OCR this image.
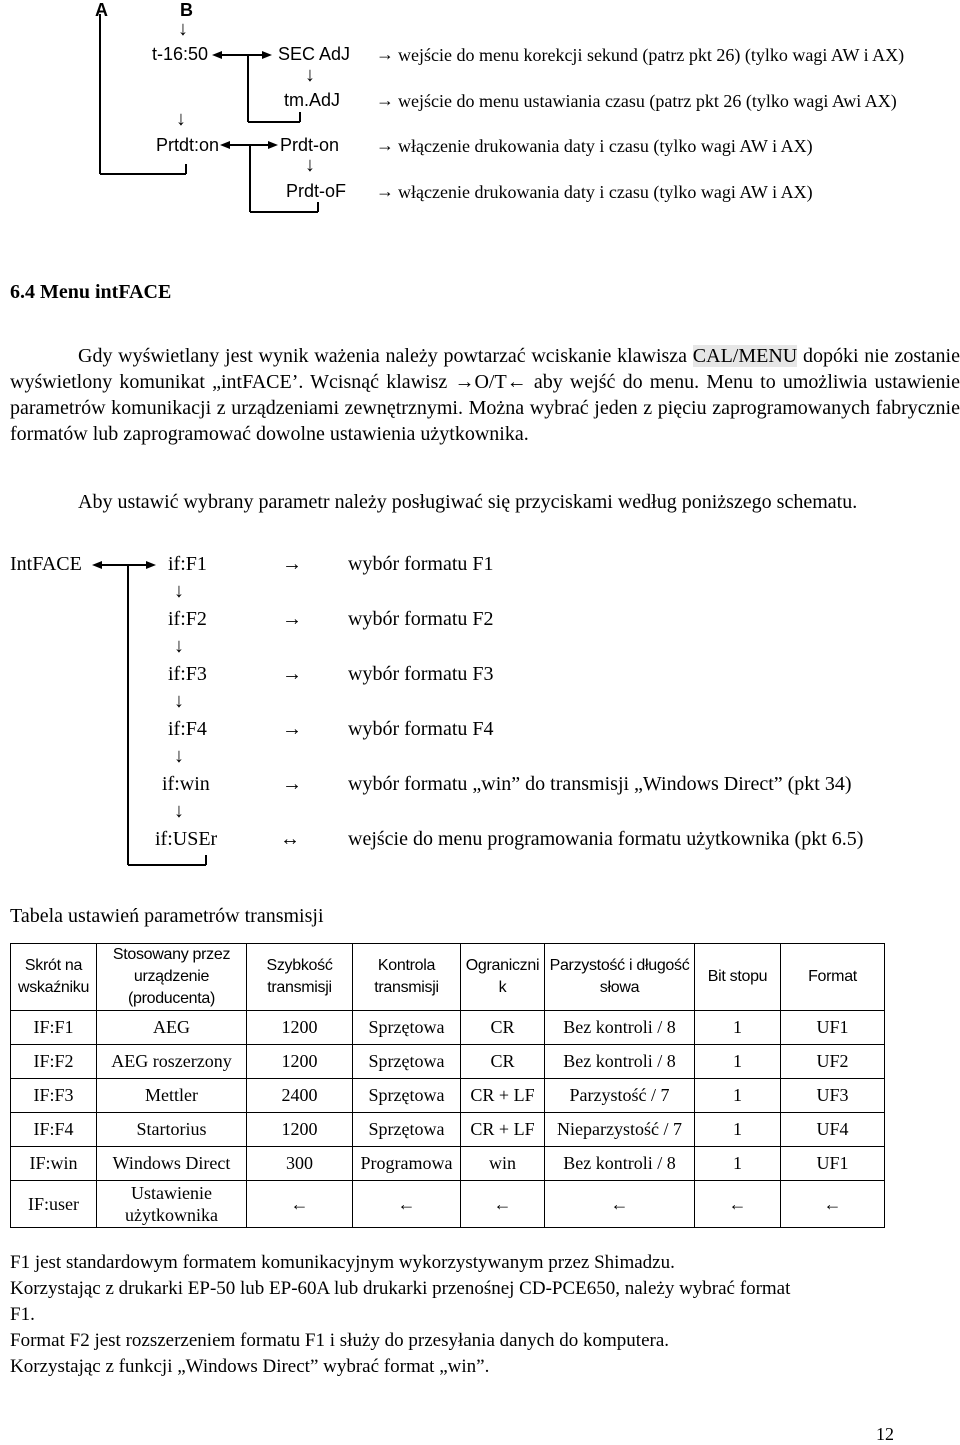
A	B
↓
t-16:50	SEC AdJ → wejście do menu korekcji sekund (patrz pkt 26) (tylko wagi AW i AX)
↓
tm.AdJ → wejście do menu ustawiania czasu (patrz pkt 26 (tylko wagi Awi AX)
↓
Prtdt:on	Prdt-on → włączenie drukowania daty i czasu (tylko wagi AW i AX)
↓
Prdt-oF → włączenie drukowania daty i czasu (tylko wagi AW i AX)
6.4 Menu intFACE
Gdy wyświetlany jest wynik ważenia należy powtarzać wciskanie klawisza CAL/MENU dopóki nie zostanie wyświetlony komunikat „intFACE’. Wcisnąć klawisz →O/T← aby wejść do menu. Menu to umożliwia ustawienie parametrów komunikacji z urządzeniami zewnętrznymi. Można wybrać jeden z pięciu zaprogramowanych fabrycznie formatów lub zaprogramować dowolne ustawienia użytkownika.
Aby ustawić wybrany parametr należy posługiwać się przyciskami według poniższego schematu.
IntFACE	if:F1	→ wybór formatu F1
↓
if:F2	→ wybór formatu F2
↓
if:F3	→ wybór formatu F3
↓
if:F4	→ wybór formatu F4
↓
if:win	→ wybór formatu „win” do transmisji „Windows Direct” (pkt 34)
↓
if:USEr	↔ wejście do menu programowania formatu użytkownika (pkt 6.5)
Tabela ustawień parametrów transmisji
Skrót na wskaźniku	Stosowany przez urządzenie (producenta)	Szybkość transmisji	Kontrola transmisji	Ograniczni k	Parzystość i długość słowa	Bit stopu	Format
IF:F1	AEG	1200	Sprzętowa	CR	Bez kontroli / 8	1	UF1
IF:F2	AEG roszerzony	1200	Sprzętowa	CR	Bez kontroli / 8	1	UF2
IF:F3	Mettler	2400	Sprzętowa	CR + LF	Parzystość / 7	1	UF3
IF:F4	Startorius	1200	Sprzętowa	CR + LF	Nieparzystość / 7	1	UF4
IF:win	Windows Direct	300	Programowa	win	Bez kontroli / 8	1	UF1
IF:user	Ustawienie użytkownika	←	←	←	←	←	←
F1 jest standardowym formatem komunikacyjnym wykorzystywanym przez Shimadzu.
Korzystając z drukarki EP-50 lub EP-60A lub drukarki przenośnej CD-PCE650, należy wybrać format
F1.
Format F2 jest rozszerzeniem formatu F1 i służy do przesyłania danych do komputera.
Korzystając z funkcji „Windows Direct” wybrać format „win”.
12
